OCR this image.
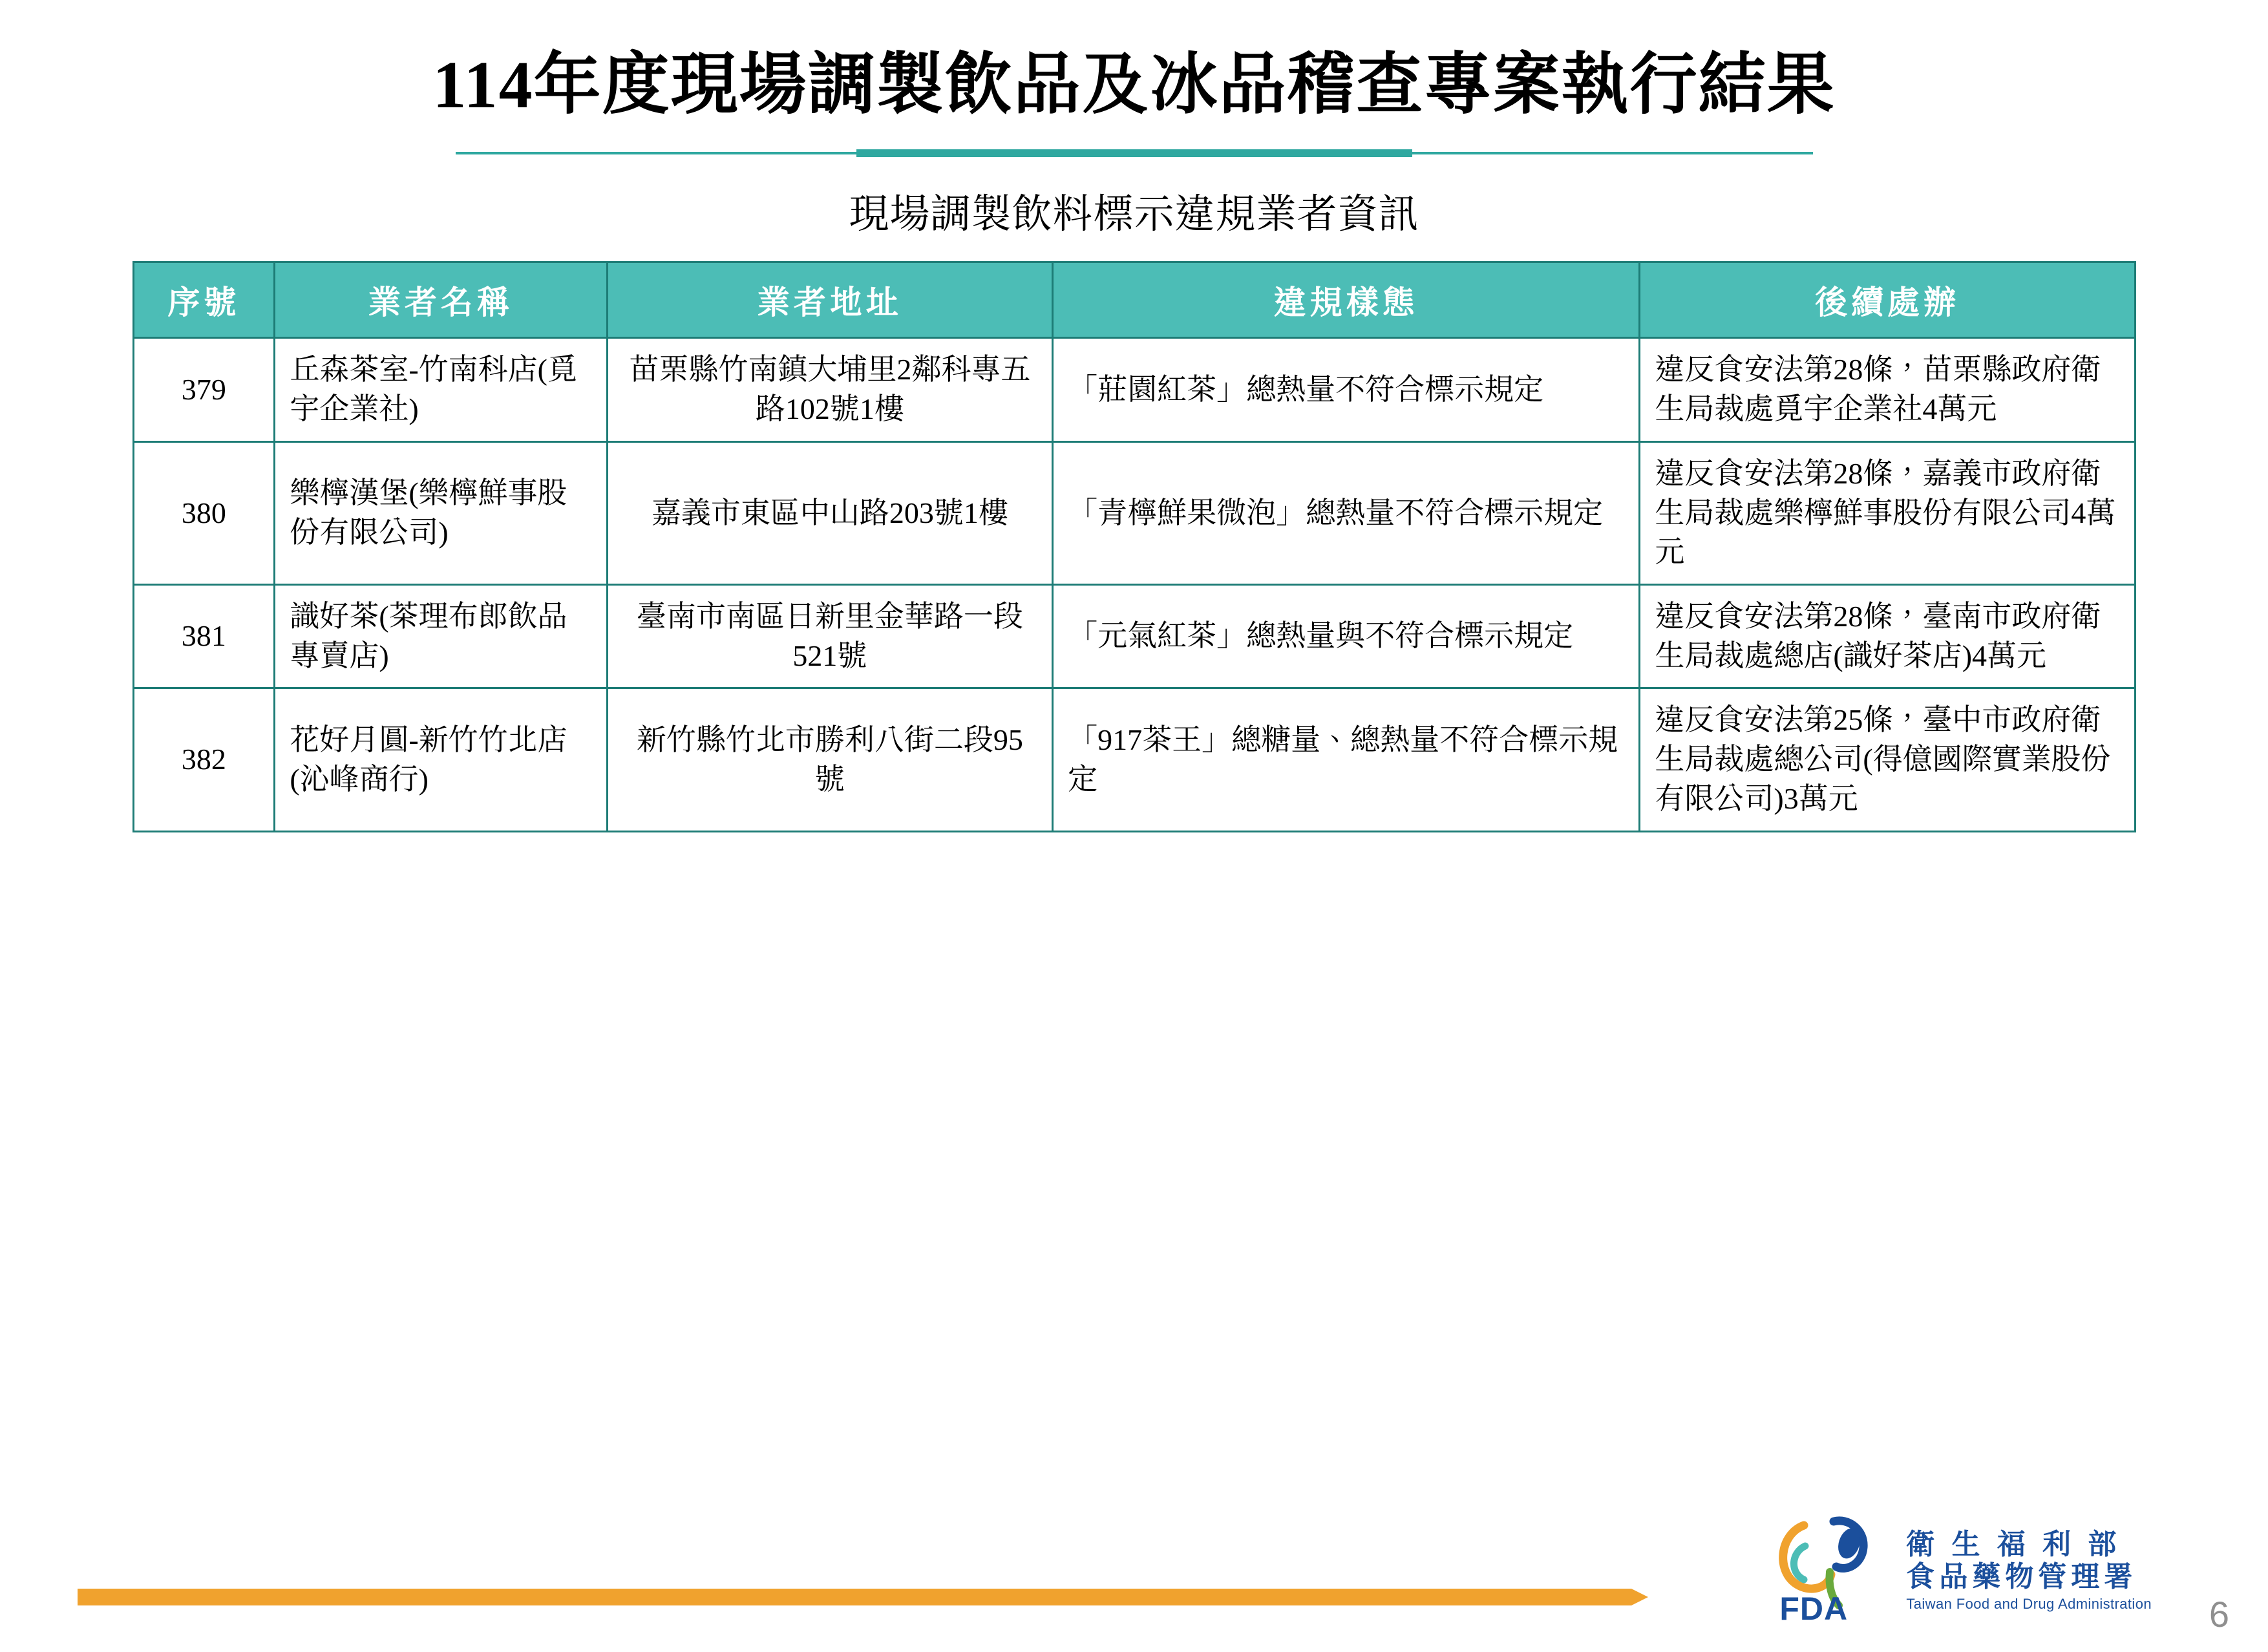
114年度現場調製飲品及冰品稽查專案執行結果
現場調製飲料標示違規業者資訊
序號	業者名稱	業者地址	違規樣態	後續處辦
379	丘森茶室-竹南科店(覓宇企業社)	苗栗縣竹南鎮大埔里2鄰科專五路102號1樓	「莊園紅茶」總熱量不符合標示規定	違反食安法第28條，苗栗縣政府衛生局裁處覓宇企業社4萬元
380	樂檸漢堡(樂檸鮮事股份有限公司)	嘉義市東區中山路203號1樓	「青檸鮮果微泡」總熱量不符合標示規定	違反食安法第28條，嘉義市政府衛生局裁處樂檸鮮事股份有限公司4萬元
381	識好茶(茶理布郎飲品專賣店)	臺南市南區日新里金華路一段521號	「元氣紅茶」總熱量與不符合標示規定	違反食安法第28條，臺南市政府衛生局裁處總店(識好茶店)4萬元
382	花好月圓-新竹竹北店(沁峰商行)	新竹縣竹北市勝利八街二段95號	「917茶王」總糖量、總熱量不符合標示規定	違反食安法第25條，臺中市政府衛生局裁處總公司(得億國際實業股份有限公司)3萬元
FDA
衛 生 福 利 部
食品藥物管理署
Taiwan Food and Drug Administration 6
